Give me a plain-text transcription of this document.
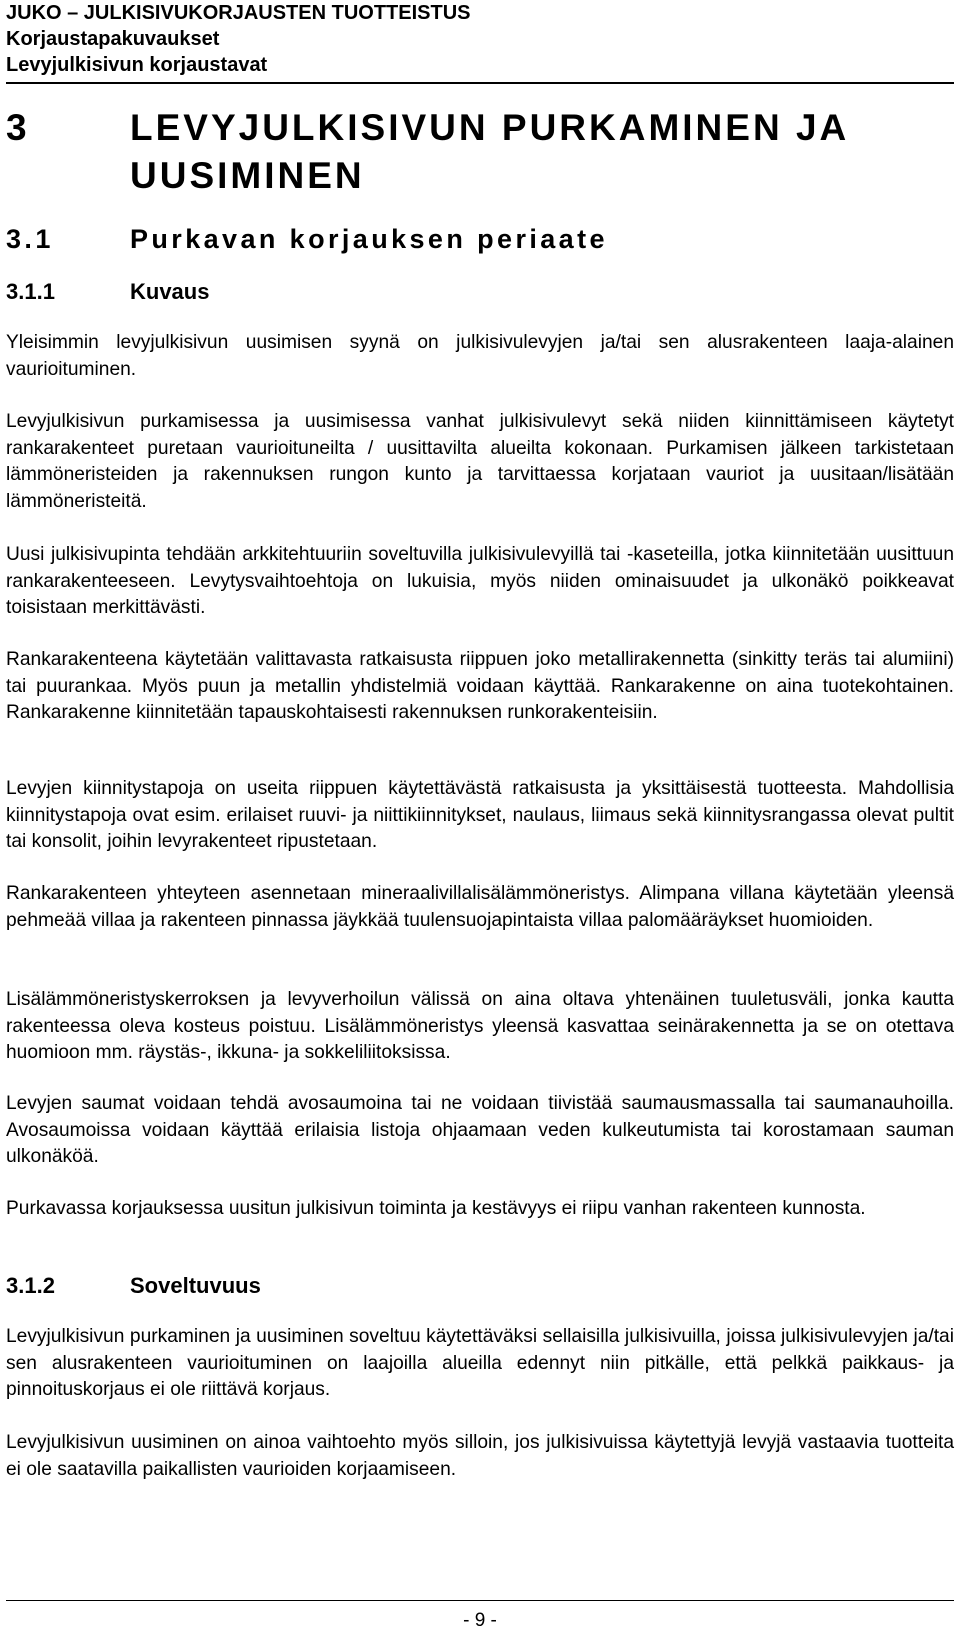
JUKO – JULKISIVUKORJAUSTEN TUOTTEISTUS
Korjaustapakuvaukset
Levyjulkisivun korjaustavat
3	LEVYJULKISIVUN PURKAMINEN JA UUSIMINEN
3.1	Purkavan korjauksen periaate
3.1.1	Kuvaus
Yleisimmin levyjulkisivun uusimisen syynä on julkisivulevyjen ja/tai sen alusrakenteen laaja-alainen vaurioituminen.
Levyjulkisivun purkamisessa ja uusimisessa vanhat julkisivulevyt sekä niiden kiinnittämiseen käytetyt rankarakenteet puretaan vaurioituneilta / uusittavilta alueilta kokonaan. Purkamisen jälkeen tarkistetaan lämmöneristeiden ja rakennuksen rungon kunto ja tarvittaessa korjataan vauriot ja uusitaan/lisätään lämmöneristeitä.
Uusi julkisivupinta tehdään arkkitehtuuriin soveltuvilla julkisivulevyillä tai -kaseteilla, jotka kiinnitetään uusittuun rankarakenteeseen. Levytysvaihtoehtoja on lukuisia, myös niiden ominaisuudet ja ulkonäkö poikkeavat toisistaan merkittävästi.
Rankarakenteena käytetään valittavasta ratkaisusta riippuen joko metallirakennetta (sinkitty teräs tai alumiini) tai puurankaa. Myös puun ja metallin yhdistelmiä voidaan käyttää. Rankarakenne on aina tuotekohtainen. Rankarakenne kiinnitetään tapauskohtaisesti rakennuksen runkorakenteisiin.
Levyjen kiinnitystapoja on useita riippuen käytettävästä ratkaisusta ja yksittäisestä tuotteesta. Mahdollisia kiinnitystapoja ovat esim. erilaiset ruuvi- ja niittikiinnitykset, naulaus, liimaus sekä kiinnitysrangassa olevat pultit tai konsolit, joihin levyrakenteet ripustetaan.
Rankarakenteen yhteyteen asennetaan mineraalivillalisälämmöneristys. Alimpana villana käytetään yleensä pehmeää villaa ja rakenteen pinnassa jäykkää tuulensuojapintaista villaa palomääräykset huomioiden.
Lisälämmöneristyskerroksen ja levyverhoilun välissä on aina oltava yhtenäinen tuuletusväli, jonka kautta rakenteessa oleva kosteus poistuu. Lisälämmöneristys yleensä kasvattaa seinärakennetta ja se on otettava huomioon mm. räystäs-, ikkuna- ja sokkeliliitoksissa.
Levyjen saumat voidaan tehdä avosaumoina tai ne voidaan tiivistää saumausmassalla tai saumanauhoilla. Avosaumoissa voidaan käyttää erilaisia listoja ohjaamaan veden kulkeutumista tai korostamaan sauman ulkonäköä.
Purkavassa korjauksessa uusitun julkisivun toiminta ja kestävyys ei riipu vanhan rakenteen kunnosta.
3.1.2	Soveltuvuus
Levyjulkisivun purkaminen ja uusiminen soveltuu käytettäväksi sellaisilla julkisivuilla, joissa julkisivulevyjen ja/tai sen alusrakenteen vaurioituminen on laajoilla alueilla edennyt niin pitkälle, että pelkkä paikkaus- ja pinnoituskorjaus ei ole riittävä korjaus.
Levyjulkisivun uusiminen on ainoa vaihtoehto myös silloin, jos julkisivuissa käytettyjä levyjä vastaavia tuotteita ei ole saatavilla paikallisten vaurioiden korjaamiseen.
- 9 -
